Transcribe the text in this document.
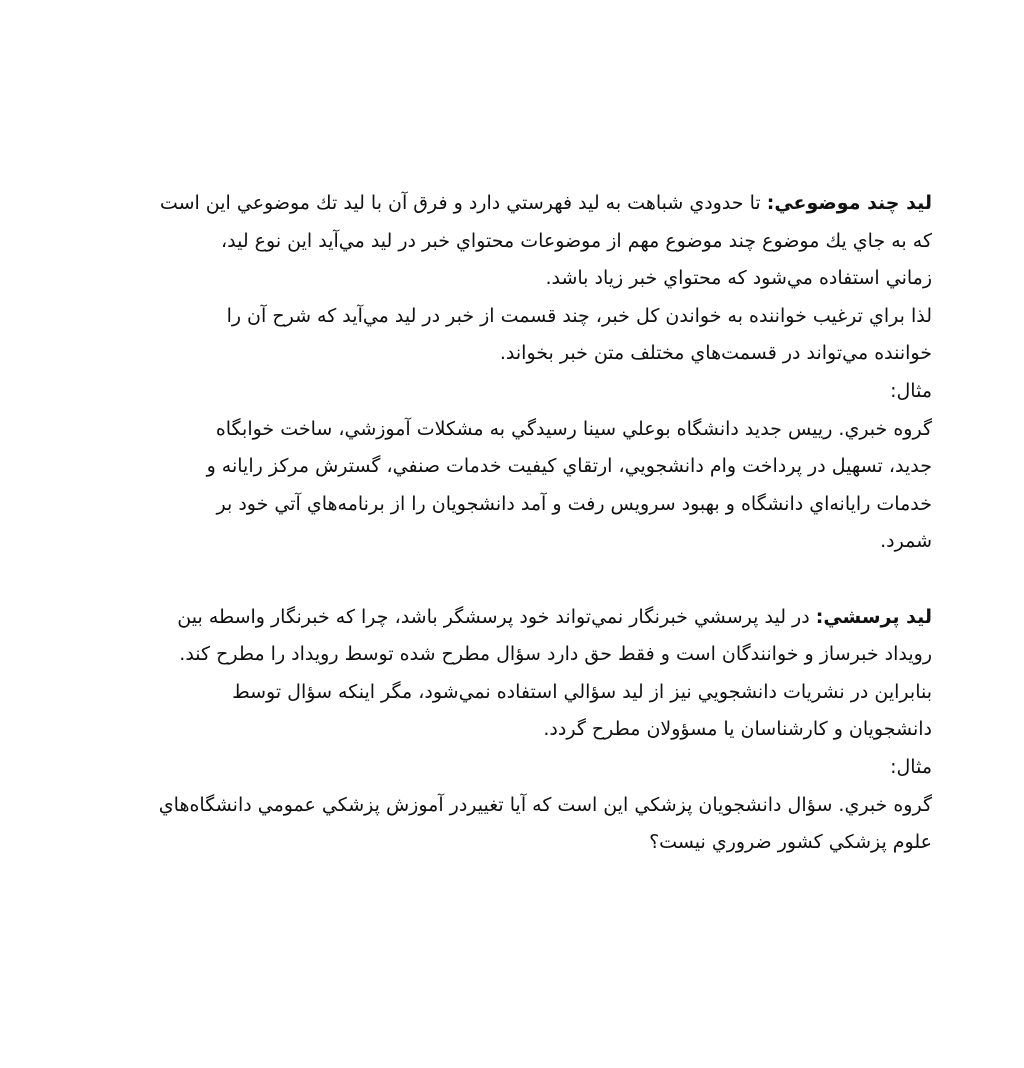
ليد چند موضوعي: تا حدودي شباهت به ليد فهرستي دارد و فرق آن با ليد تك موضوعي اين است
كه به جاي يك موضوع چند موضوع مهم از موضوعات محتواي خبر در ليد مي‌آيد اين نوع ليد،
زماني استفاده مي‌شود كه محتواي خبر زياد باشد.
لذا براي ترغيب خواننده به خواندن كل خبر، چند قسمت از خبر در ليد مي‌آيد كه شرح آن را
خواننده مي‌تواند در قسمت‌هاي مختلف متن خبر بخواند.
مثال:
گروه خبري. رييس جديد دانشگاه بوعلي سينا رسيدگي به مشكلات آموزشي، ساخت خوابگاه
جديد، تسهيل در پرداخت وام دانشجويي، ارتقاي كيفيت خدمات صنفي، گسترش مركز رايانه و
خدمات رايانه‌اي دانشگاه و بهبود سرويس رفت و آمد دانشجويان را از برنامه‌هاي آتي خود بر
شمرد.
ليد پرسشي: در ليد پرسشي خبرنگار نمي‌تواند خود پرسشگر باشد، چرا كه خبرنگار واسطه بين
رويداد خبرساز و خوانندگان است و فقط حق دارد سؤال مطرح شده توسط رويداد را مطرح كند.
بنابراين در نشريات دانشجويي نيز از ليد سؤالي استفاده نمي‌شود، مگر اينكه سؤال توسط
دانشجويان و كارشناسان يا مسؤولان مطرح گردد.
مثال:
گروه خبري. سؤال دانشجويان پزشكي اين است كه آيا تغييردر آموزش پزشكي عمومي دانشگاه‌هاي
علوم پزشكي كشور ضروري نيست؟
